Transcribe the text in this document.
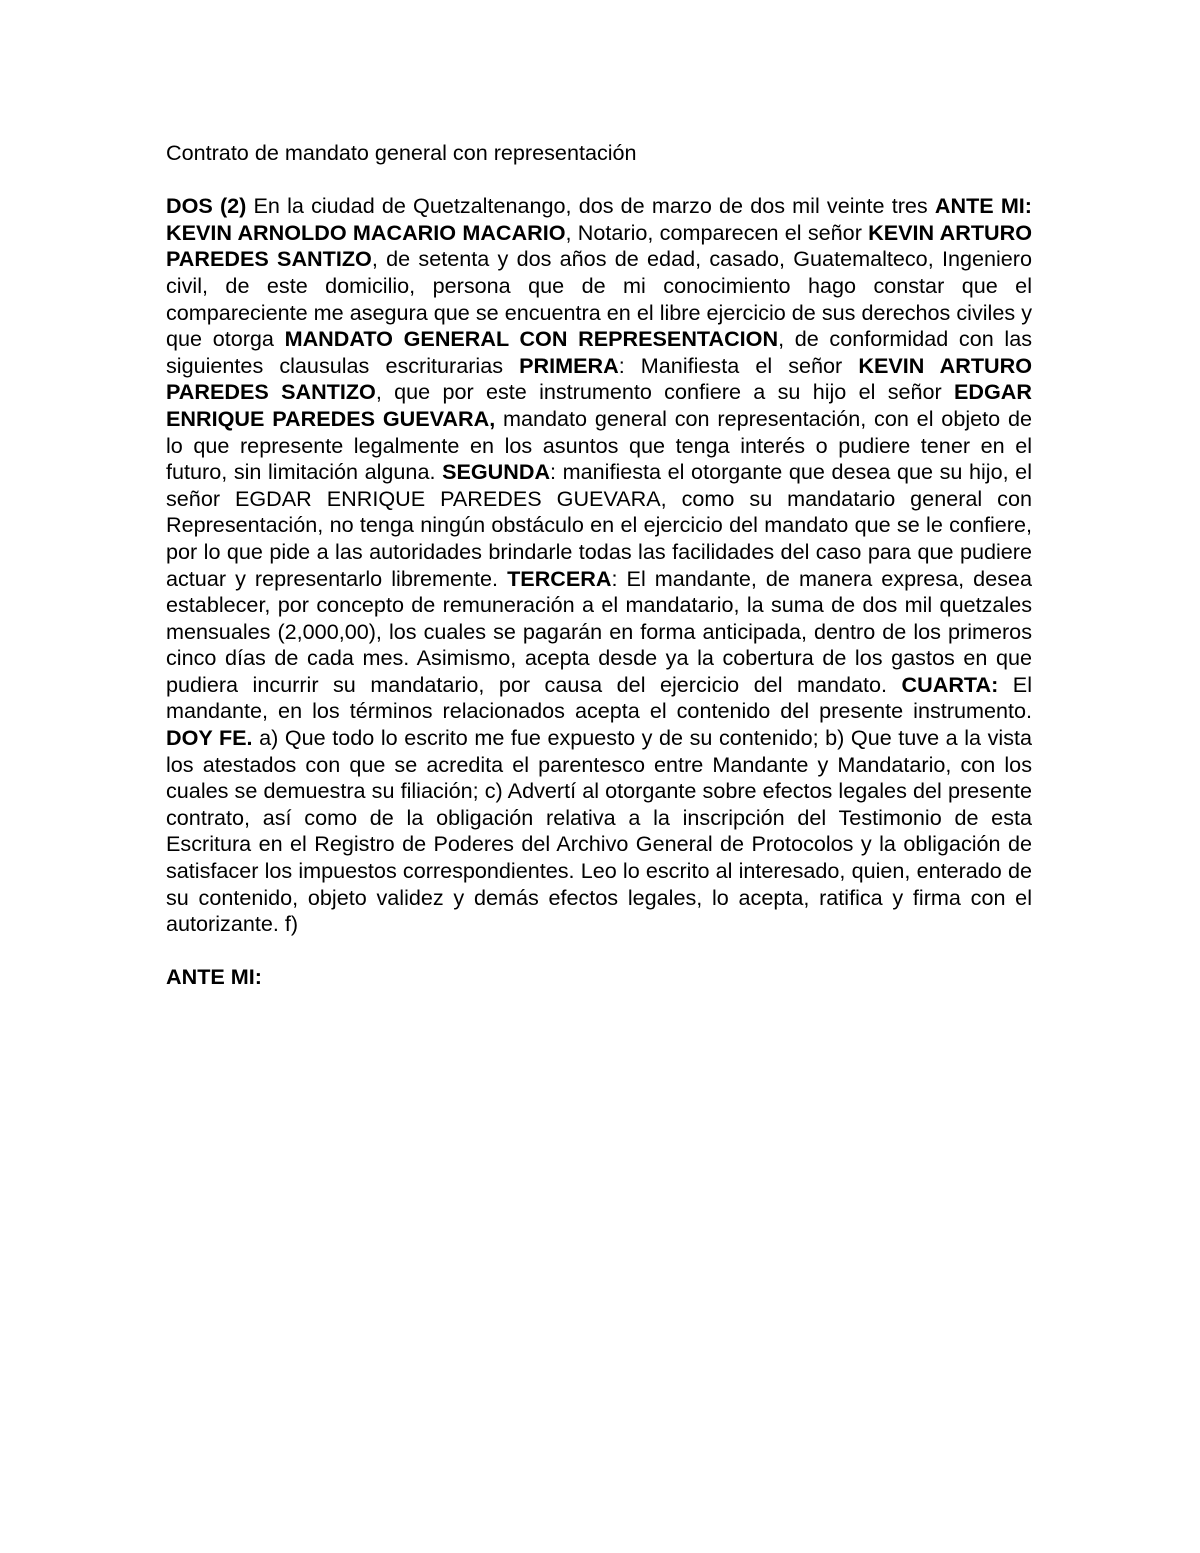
Contrato de mandato general con representación

DOS (2) En la ciudad de Quetzaltenango, dos de marzo de dos mil veinte tres ANTE MI: KEVIN ARNOLDO MACARIO MACARIO, Notario, comparecen el señor KEVIN ARTURO PAREDES SANTIZO, de setenta y dos años de edad, casado, Guatemalteco, Ingeniero civil, de este domicilio, persona que de mi conocimiento hago constar que el compareciente me asegura que se encuentra en el libre ejercicio de sus derechos civiles y que otorga MANDATO GENERAL CON REPRESENTACION, de conformidad con las siguientes clausulas escriturarias PRIMERA: Manifiesta el señor KEVIN ARTURO PAREDES SANTIZO, que por este instrumento confiere a su hijo el señor EDGAR ENRIQUE PAREDES GUEVARA, mandato general con representación, con el objeto de lo que represente legalmente en los asuntos que tenga interés o pudiere tener en el futuro, sin limitación alguna. SEGUNDA: manifiesta el otorgante que desea que su hijo, el señor EGDAR ENRIQUE PAREDES GUEVARA, como su mandatario general con Representación, no tenga ningún obstáculo en el ejercicio del mandato que se le confiere, por lo que pide a las autoridades brindarle todas las facilidades del caso para que pudiere actuar y representarlo libremente. TERCERA: El mandante, de manera expresa, desea establecer, por concepto de remuneración a el mandatario, la suma de dos mil quetzales mensuales (2,000,00), los cuales se pagarán en forma anticipada, dentro de los primeros cinco días de cada mes. Asimismo, acepta desde ya la cobertura de los gastos en que pudiera incurrir su mandatario, por causa del ejercicio del mandato. CUARTA: El mandante, en los términos relacionados acepta el contenido del presente instrumento. DOY FE. a) Que todo lo escrito me fue expuesto y de su contenido; b) Que tuve a la vista los atestados con que se acredita el parentesco entre Mandante y Mandatario, con los cuales se demuestra su filiación; c) Advertí al otorgante sobre efectos legales del presente contrato, así como de la obligación relativa a la inscripción del Testimonio de esta Escritura en el Registro de Poderes del Archivo General de Protocolos y la obligación de satisfacer los impuestos correspondientes. Leo lo escrito al interesado, quien, enterado de su contenido, objeto validez y demás efectos legales, lo acepta, ratifica y firma con el autorizante. f)

ANTE MI:
